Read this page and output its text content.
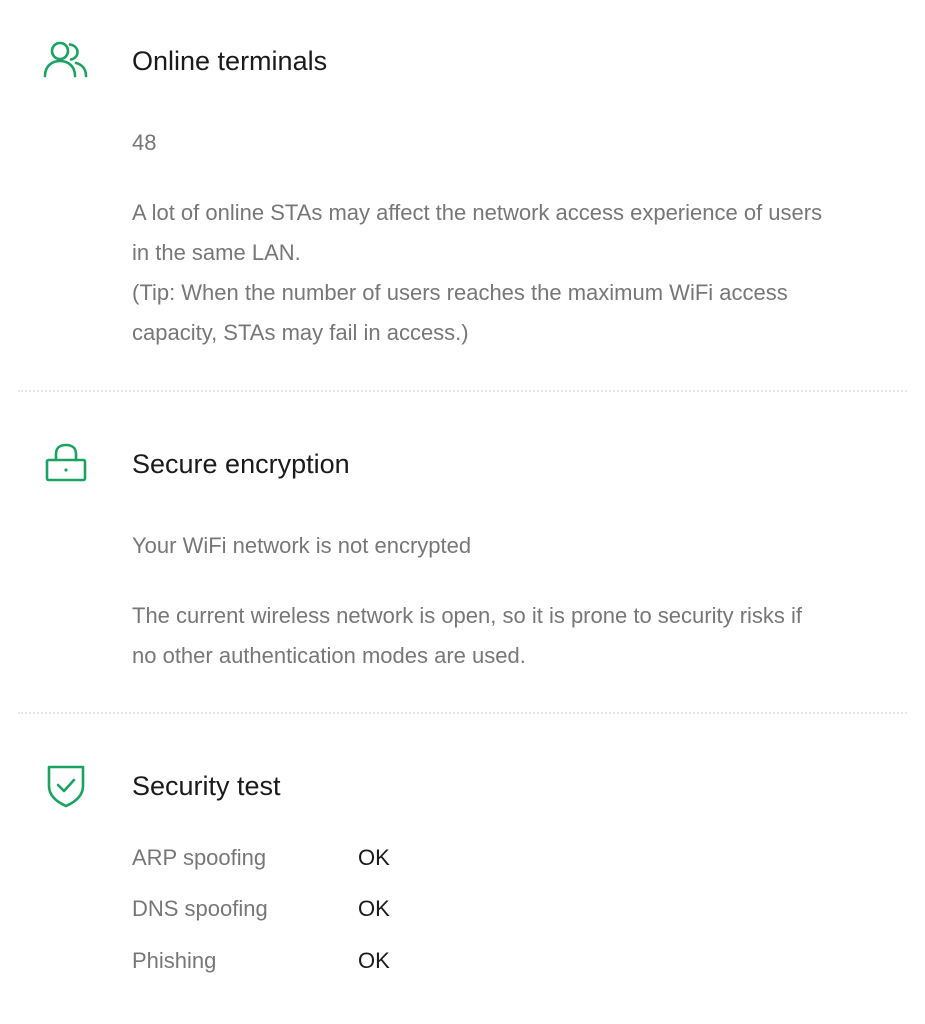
Online terminals
48
A lot of online STAs may affect the network access experience of users
in the same LAN.
(Tip: When the number of users reaches the maximum WiFi access
capacity, STAs may fail in access.)
Secure encryption
Your WiFi network is not encrypted
The current wireless network is open, so it is prone to security risks if
no other authentication modes are used.
Security test
ARP spoofing	OK
DNS spoofing	OK
Phishing	OK
